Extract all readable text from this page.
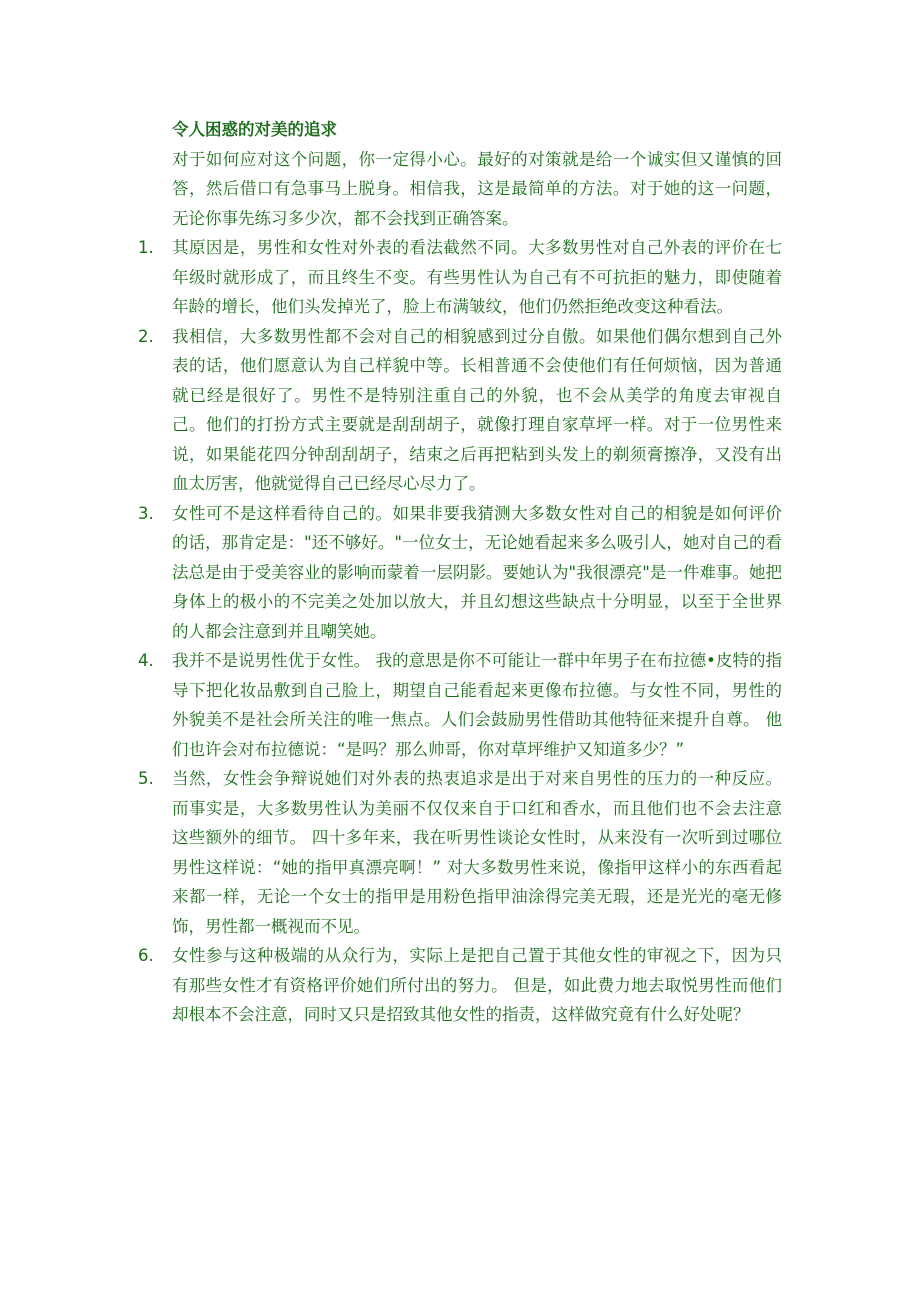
令人困惑的对美的追求

对于如何应对这个问题，你一定得小心。最好的对策就是给一个诚实但又谨慎的回答，然后借口有急事马上脱身。相信我，这是最简单的方法。对于她的这一问题，无论你事先练习多少次，都不会找到正确答案。

1. 其原因是，男性和女性对外表的看法截然不同。大多数男性对自己外表的评价在七年级时就形成了，而且终生不变。有些男性认为自己有不可抗拒的魅力，即使随着年龄的增长，他们头发掉光了，脸上布满皱纹，他们仍然拒绝改变这种看法。
2. 我相信，大多数男性都不会对自己的相貌感到过分自傲。如果他们偶尔想到自己外表的话，他们愿意认为自己样貌中等。长相普通不会使他们有任何烦恼，因为普通就已经是很好了。男性不是特别注重自己的外貌，也不会从美学的角度去审视自己。他们的打扮方式主要就是刮刮胡子，就像打理自家草坪一样。对于一位男性来说，如果能花四分钟刮刮胡子，结束之后再把粘到头发上的剃须膏擦净，又没有出血太厉害，他就觉得自己已经尽心尽力了。
3. 女性可不是这样看待自己的。如果非要我猜测大多数女性对自己的相貌是如何评价的话，那肯定是："还不够好。"一位女士，无论她看起来多么吸引人，她对自己的看法总是由于受美容业的影响而蒙着一层阴影。要她认为"我很漂亮"是一件难事。她把身体上的极小的不完美之处加以放大，并且幻想这些缺点十分明显，以至于全世界的人都会注意到并且嘲笑她。
4. 我并不是说男性优于女性。 我的意思是你不可能让一群中年男子在布拉德•皮特的指导下把化妆品敷到自己脸上，期望自己能看起来更像布拉德。与女性不同，男性的外貌美不是社会所关注的唯一焦点。人们会鼓励男性借助其他特征来提升自尊。 他们也许会对布拉德说：“是吗？那么帅哥，你对草坪维护又知道多少？”
5. 当然，女性会争辩说她们对外表的热衷追求是出于对来自男性的压力的一种反应。 而事实是，大多数男性认为美丽不仅仅来自于口红和香水，而且他们也不会去注意这些额外的细节。 四十多年来，我在听男性谈论女性时，从来没有一次听到过哪位男性这样说：“她的指甲真漂亮啊！” 对大多数男性来说，像指甲这样小的东西看起来都一样，无论一个女士的指甲是用粉色指甲油涂得完美无瑕，还是光光的毫无修饰，男性都一概视而不见。
6. 女性参与这种极端的从众行为，实际上是把自己置于其他女性的审视之下，因为只有那些女性才有资格评价她们所付出的努力。 但是，如此费力地去取悦男性而他们却根本不会注意，同时又只是招致其他女性的指责，这样做究竟有什么好处呢？
